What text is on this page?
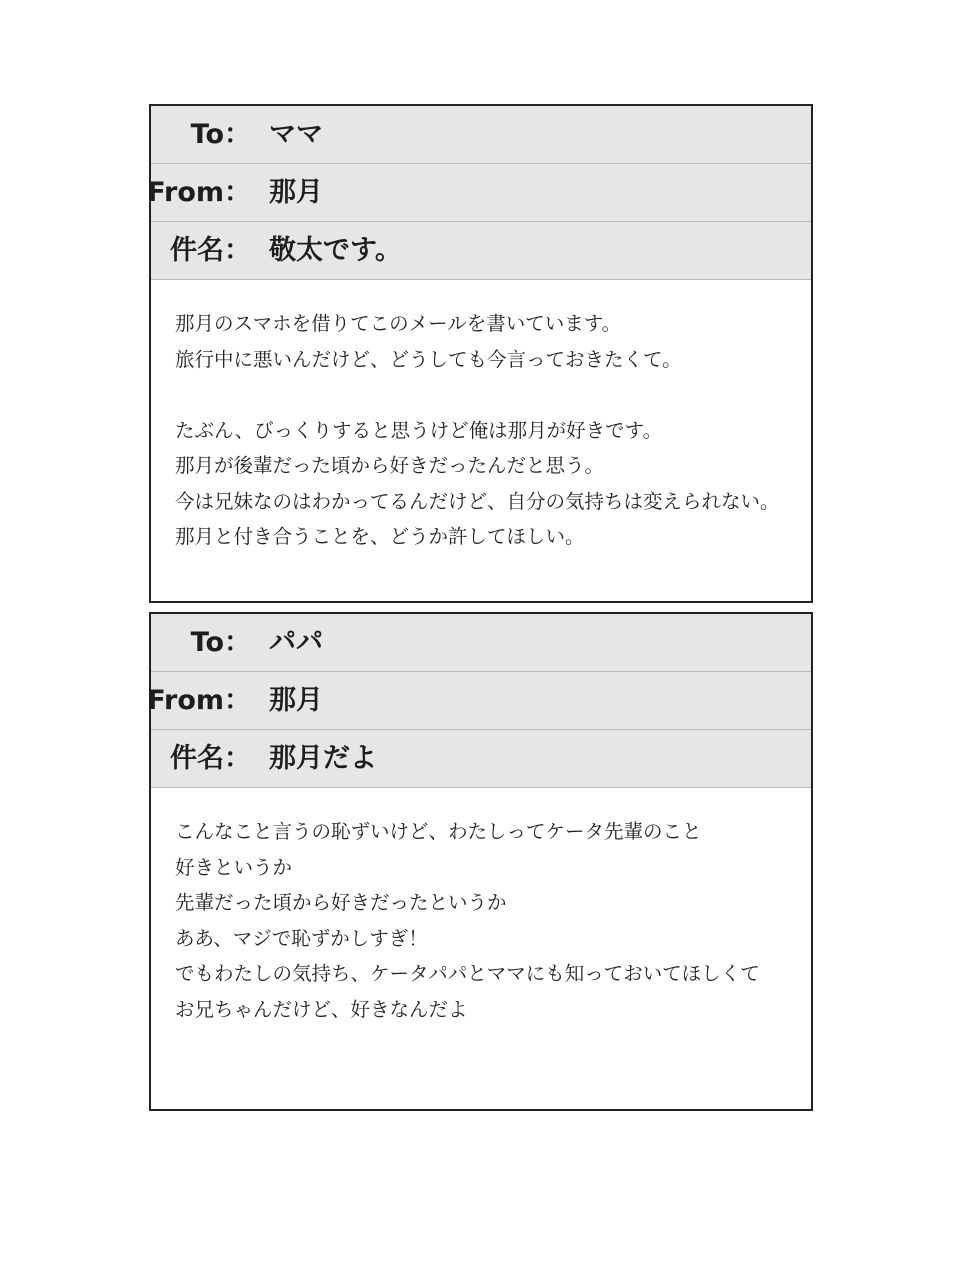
To： ママ
From： 那月
件名： 敬太です。
那月のスマホを借りてこのメールを書いています。
旅行中に悪いんだけど、どうしても今言っておきたくて。
たぶん、びっくりすると思うけど俺は那月が好きです。
那月が後輩だった頃から好きだったんだと思う。
今は兄妹なのはわかってるんだけど、自分の気持ちは変えられない。
那月と付き合うことを、どうか許してほしい。
To： パパ
From： 那月
件名： 那月だよ
こんなこと言うの恥ずいけど、わたしってケータ先輩のこと
好きというか
先輩だった頃から好きだったというか
ああ、マジで恥ずかしすぎ！
でもわたしの気持ち、ケータパパとママにも知っておいてほしくて
お兄ちゃんだけど、好きなんだよ
